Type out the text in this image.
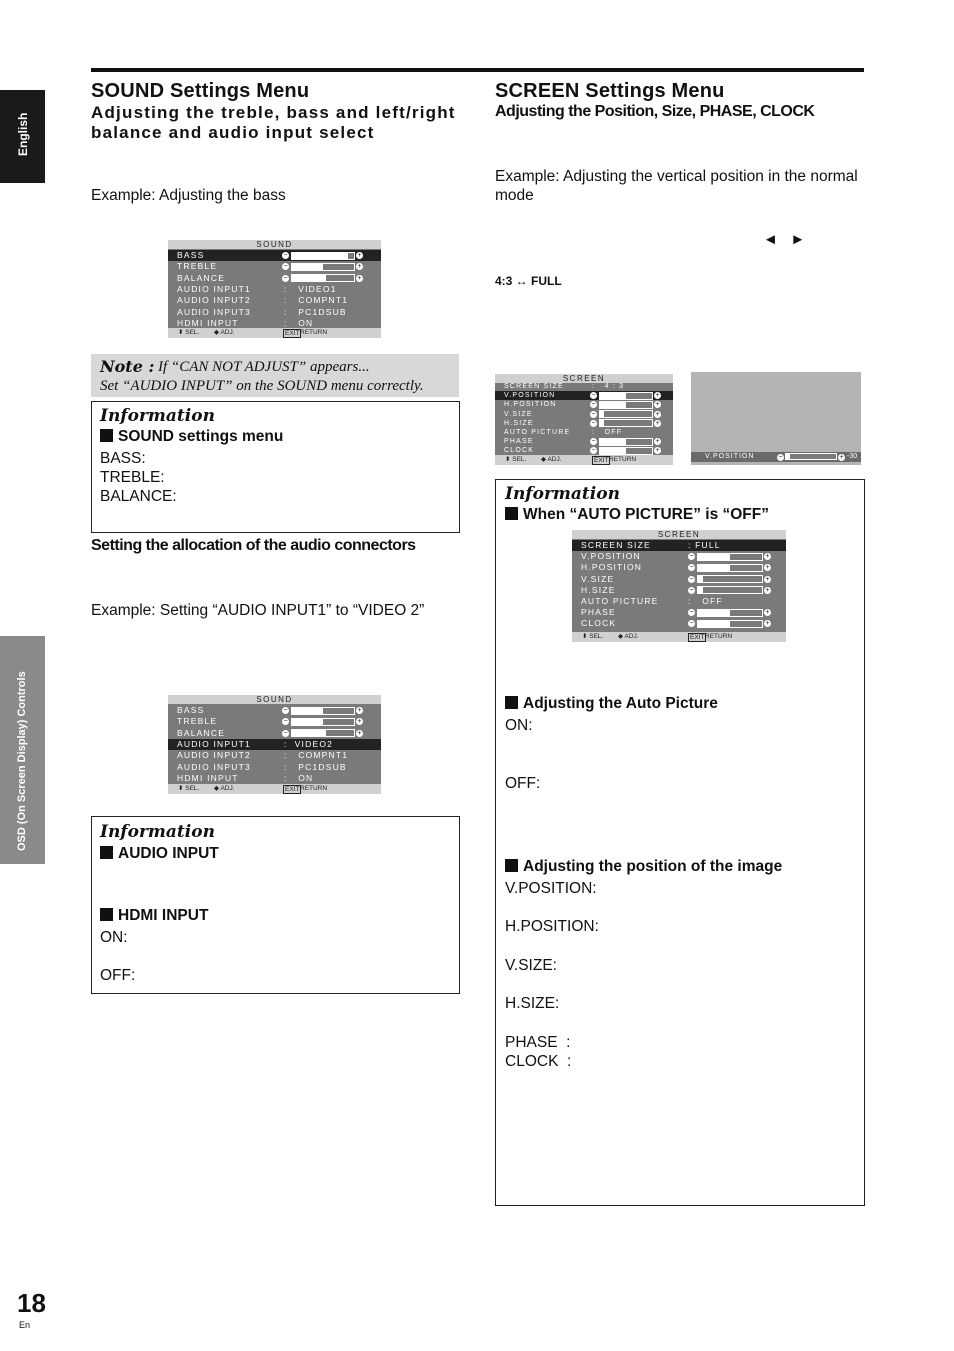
English
OSD (On Screen Display) Controls
SOUND Settings Menu
Adjusting the treble, bass and left/right balance and audio input select
Example: Adjusting the bass
SOUND
BASS	−	+
TREBLE	−	+
BALANCE	−	+
AUDIO INPUT1	:   VIDEO1
AUDIO INPUT2	:   COMPNT1
AUDIO INPUT3	:   PC1DSUB
HDMI INPUT	:   ON
⬍ SEL. ◆ ADJ.	EXIT RETURN
Note : If “CAN NOT ADJUST” appears...
Set “AUDIO INPUT” on the SOUND menu correctly.
Information
SOUND settings menu
BASS:
TREBLE:
BALANCE:
Setting the allocation of the audio connectors
Example: Setting “AUDIO INPUT1” to “VIDEO 2”
SOUND
BASS	−	+
TREBLE	−	+
BALANCE	−	+
AUDIO INPUT1	:  VIDEO2
AUDIO INPUT2	:   COMPNT1
AUDIO INPUT3	:   PC1DSUB
HDMI INPUT	:   ON
⬍ SEL. ◆ ADJ.	EXIT RETURN
Information
AUDIO INPUT
HDMI INPUT
ON:
OFF:
SCREEN Settings Menu
Adjusting the Position, Size, PHASE, CLOCK
Example: Adjusting the vertical position in the normal mode
◄   ►
4:3 ↔ FULL
SCREEN
SCREEN SIZE	:   4 : 3
V.POSITION	−	+
H.POSITION	−	+
V.SIZE	−	+
H.SIZE	−	+
AUTO PICTURE	:   OFF
PHASE	−	+
CLOCK	−	+
⬍ SEL. ◆ ADJ.	EXIT RETURN	V.POSITION	−	+ -30
Information
When “AUTO PICTURE” is “OFF”
SCREEN
SCREEN SIZE	: FULL
V.POSITION	−	+
H.POSITION	−	+
V.SIZE	−	+
H.SIZE	−	+
AUTO PICTURE	:   OFF
PHASE	−	+
CLOCK	−	+
⬍ SEL. ◆ ADJ.	EXIT RETURN
Adjusting the Auto Picture
ON:
OFF:
Adjusting the position of the image
V.POSITION:
H.POSITION:
V.SIZE:
H.SIZE:
PHASE  :
CLOCK  :
18
En
